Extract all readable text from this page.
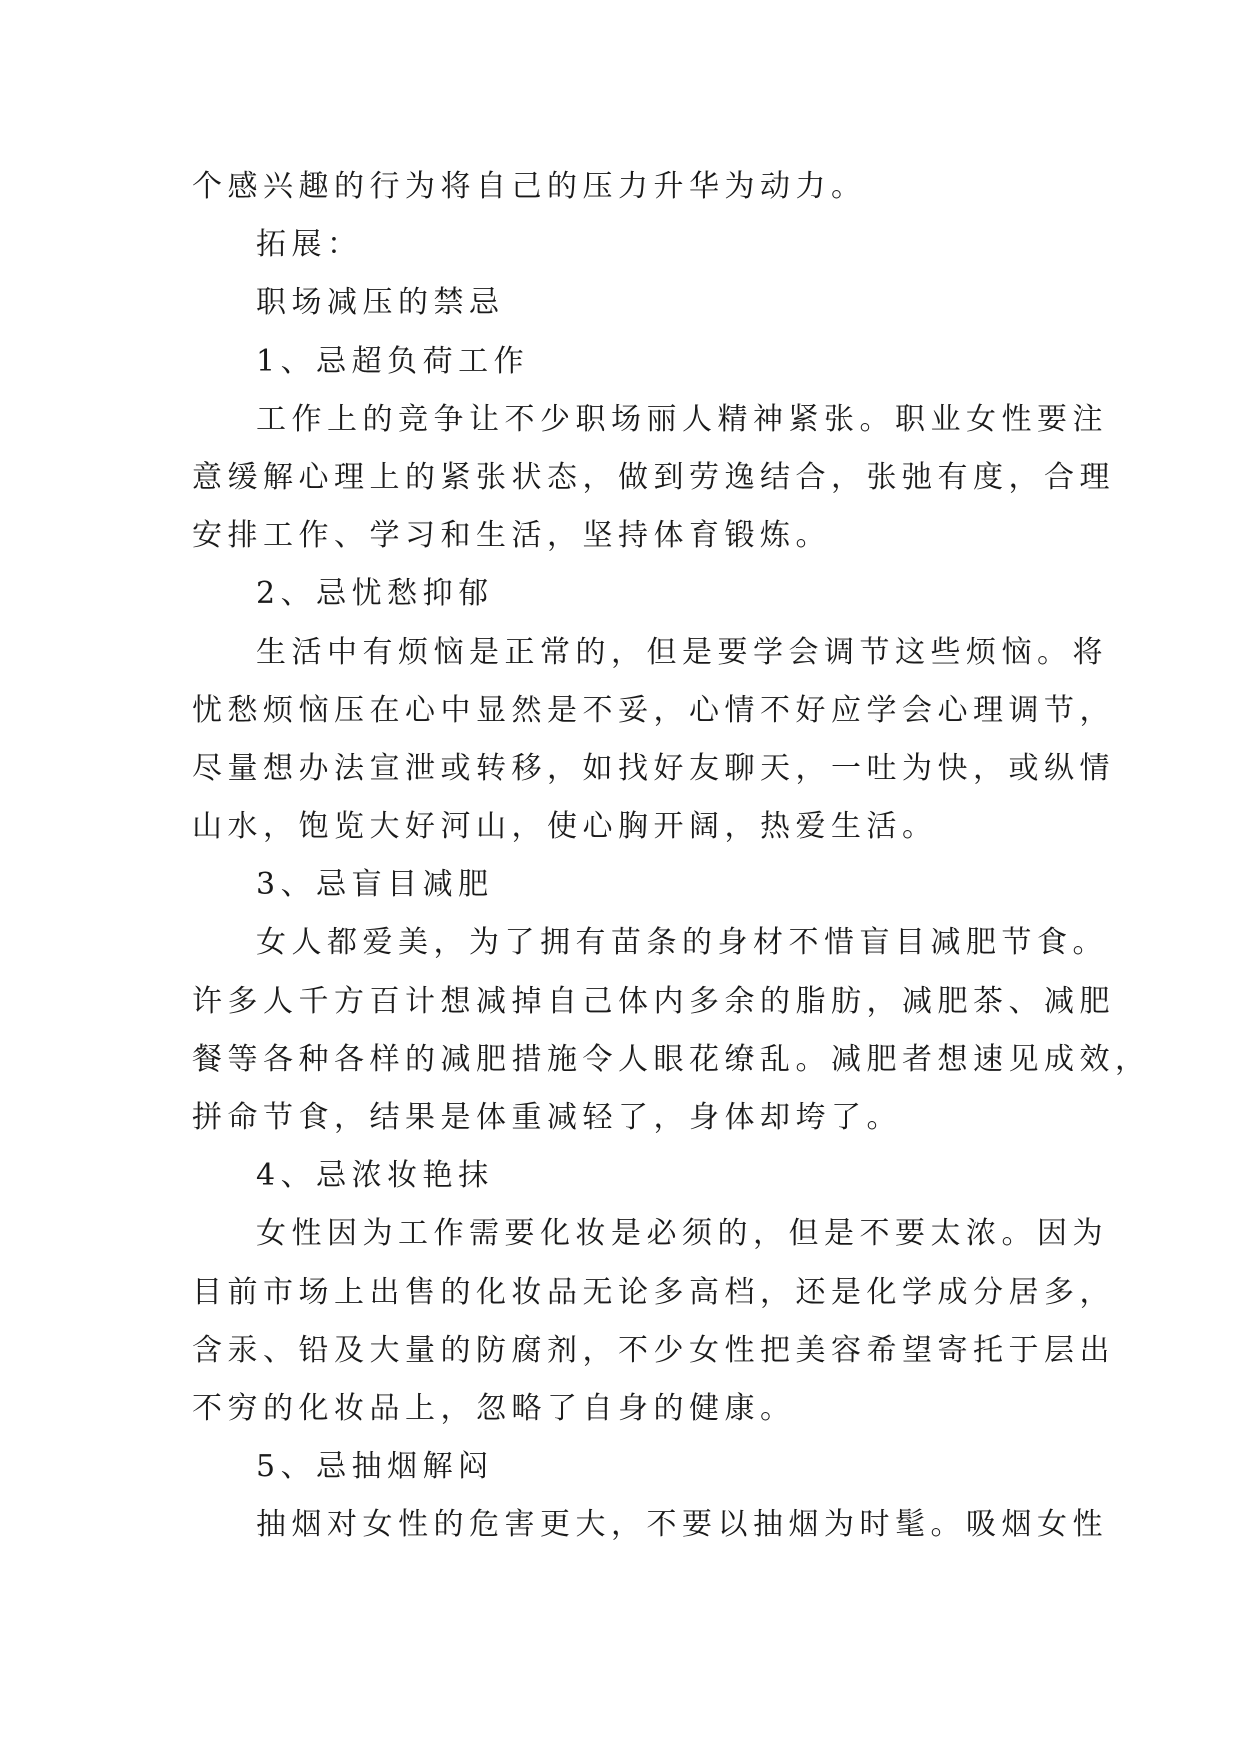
个感兴趣的行为将自己的压力升华为动力。
拓展：
职场减压的禁忌
1、忌超负荷工作
工作上的竞争让不少职场丽人精神紧张。职业女性要注
意缓解心理上的紧张状态，做到劳逸结合，张弛有度，合理
安排工作、学习和生活，坚持体育锻炼。
2、忌忧愁抑郁
生活中有烦恼是正常的，但是要学会调节这些烦恼。将
忧愁烦恼压在心中显然是不妥，心情不好应学会心理调节，
尽量想办法宣泄或转移，如找好友聊天，一吐为快，或纵情
山水，饱览大好河山，使心胸开阔，热爱生活。
3、忌盲目减肥
女人都爱美，为了拥有苗条的身材不惜盲目减肥节食。
许多人千方百计想减掉自己体内多余的脂肪，减肥茶、减肥
餐等各种各样的减肥措施令人眼花缭乱。减肥者想速见成效，
拼命节食，结果是体重减轻了，身体却垮了。
4、忌浓妆艳抹
女性因为工作需要化妆是必须的，但是不要太浓。因为
目前市场上出售的化妆品无论多高档，还是化学成分居多，
含汞、铅及大量的防腐剂，不少女性把美容希望寄托于层出
不穷的化妆品上，忽略了自身的健康。
5、忌抽烟解闷
抽烟对女性的危害更大，不要以抽烟为时髦。吸烟女性
